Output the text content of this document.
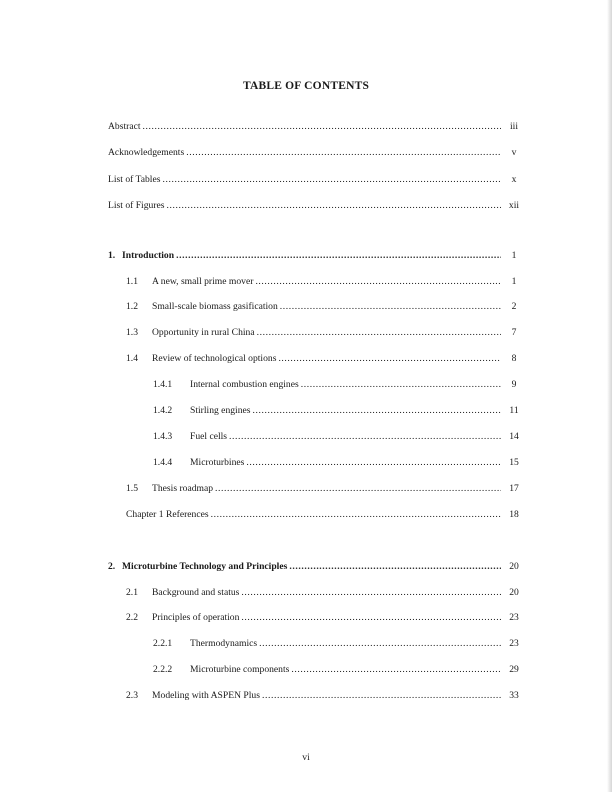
TABLE OF CONTENTS
Abstract .....	iii
Acknowledgements .....	v
List of Tables .....	x
List of Figures .....	xii
1. Introduction .....	1
1.1	A new, small prime mover .....	1
1.2	Small-scale biomass gasification .....	2
1.3	Opportunity in rural China .....	7
1.4	Review of technological options .....	8
1.4.1	Internal combustion engines .....	9
1.4.2	Stirling engines .....	11
1.4.3	Fuel cells .....	14
1.4.4	Microturbines .....	15
1.5	Thesis roadmap .....	17
Chapter 1 References .....	18
2. Microturbine Technology and Principles .....	20
2.1	Background and status .....	20
2.2	Principles of operation .....	23
2.2.1	Thermodynamics .....	23
2.2.2	Microturbine components .....	29
2.3	Modeling with ASPEN Plus .....	33
vi
